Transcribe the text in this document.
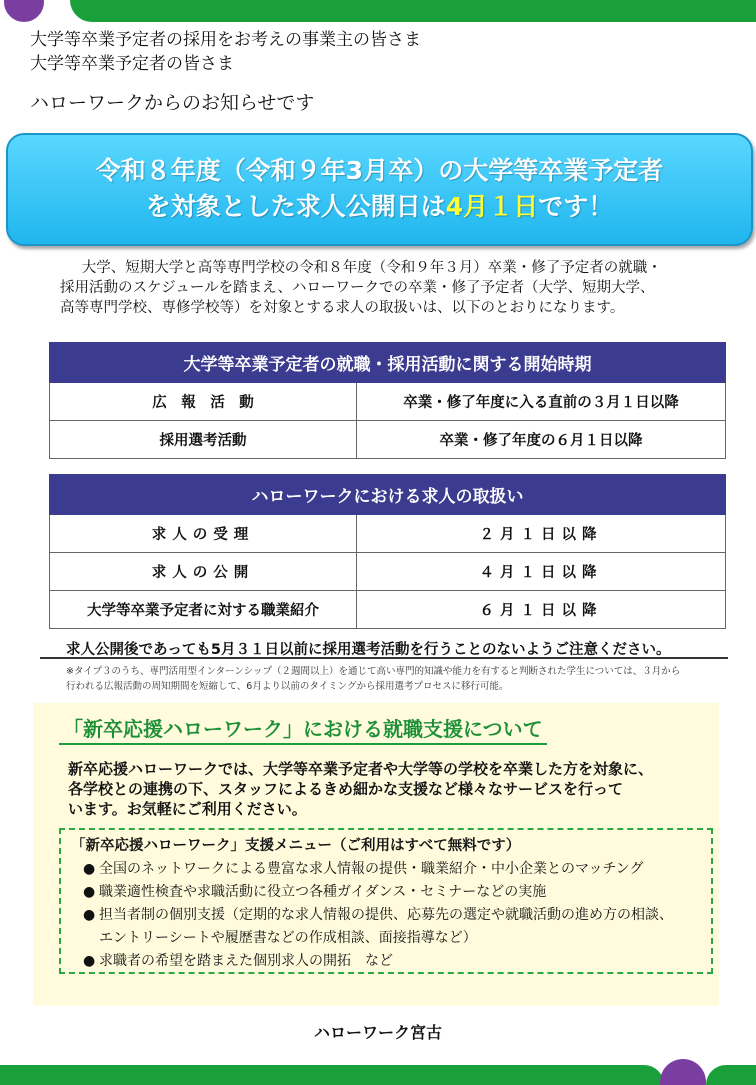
大学等卒業予定者の採用をお考えの事業主の皆さま
大学等卒業予定者の皆さま
ハローワークからのお知らせです
令和８年度（令和９年3月卒）の大学等卒業予定者
を対象とした求人公開日は4月１日です！
大学、短期大学と高等専門学校の令和８年度（令和９年３月）卒業・修了予定者の就職・
採用活動のスケジュールを踏まえ、ハローワークでの卒業・修了予定者（大学、短期大学、
高等専門学校、専修学校等）を対象とする求人の取扱いは、以下のとおりになります。
大学等卒業予定者の就職・採用活動に関する開始時期	
広　報　活　動	卒業・修了年度に入る直前の３月１日以降
採用選考活動	卒業・修了年度の６月１日以降
ハローワークにおける求人の取扱い	
求人の受理	２月１日以降
求人の公開	４月１日以降
大学等卒業予定者に対する職業紹介	６月１日以降
求人公開後であっても5月３１日以前に採用選考活動を行うことのないようご注意ください。
※タイプ３のうち、専門活用型インターンシップ（２週間以上）を通じて高い専門的知識や能力を有すると判断された学生については、３月から
行われる広報活動の周知期間を短縮して、6月より以前のタイミングから採用選考プロセスに移行可能。
「新卒応援ハローワーク」における就職支援について
新卒応援ハローワークでは、大学等卒業予定者や大学等の学校を卒業した方を対象に、
各学校との連携の下、スタッフによるきめ細かな支援など様々なサービスを行って
います。お気軽にご利用ください。
「新卒応援ハローワーク」支援メニュー（ご利用はすべて無料です）
● 全国のネットワークによる豊富な求人情報の提供・職業紹介・中小企業とのマッチング
● 職業適性検査や求職活動に役立つ各種ガイダンス・セミナーなどの実施
● 担当者制の個別支援（定期的な求人情報の提供、応募先の選定や就職活動の進め方の相談、
エントリーシートや履歴書などの作成相談、面接指導など）
● 求職者の希望を踏まえた個別求人の開拓　など
ハローワーク宮古
